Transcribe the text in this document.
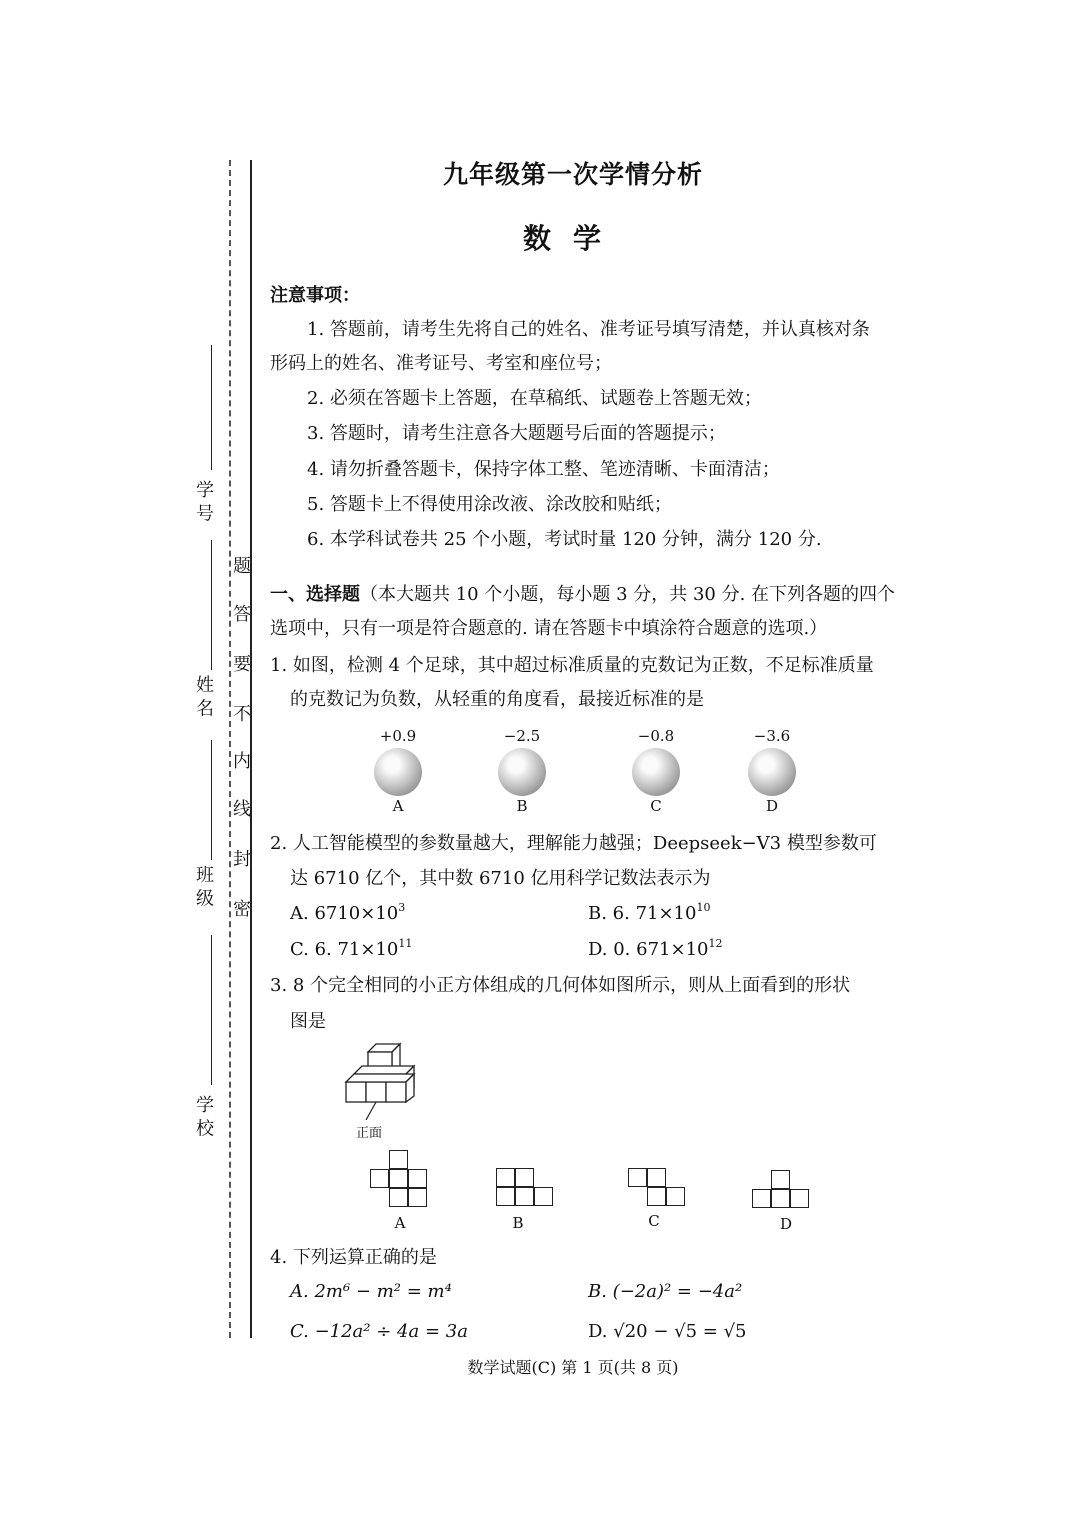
密
封
线
内
不
要
答
题
学 号
姓 名
班 级
学 校
九年级第一次学情分析
数学
注意事项：
1. 答题前，请考生先将自己的姓名、准考证号填写清楚，并认真核对条
形码上的姓名、准考证号、考室和座位号；
2. 必须在答题卡上答题，在草稿纸、试题卷上答题无效；
3. 答题时，请考生注意各大题题号后面的答题提示；
4. 请勿折叠答题卡，保持字体工整、笔迹清晰、卡面清洁；
5. 答题卡上不得使用涂改液、涂改胶和贴纸；
6. 本学科试卷共 25 个小题，考试时量 120 分钟，满分 120 分.
一、选择题（本大题共 10 个小题，每小题 3 分，共 30 分. 在下列各题的四个
选项中，只有一项是符合题意的. 请在答题卡中填涂符合题意的选项.）
1. 如图，检测 4 个足球，其中超过标准质量的克数记为正数，不足标准质量
的克数记为负数，从轻重的角度看，最接近标准的是
+0.9
A
−2.5
B
−0.8
C
−3.6
D
2. 人工智能模型的参数量越大，理解能力越强；Deepseek−V3 模型参数可
达 6710 亿个，其中数 6710 亿用科学记数法表示为
A. $6710\times 10^3$	B. 6. $71\times 10^{10}$
C. 6. $71\times 10^{11}$	D. 0. $671\times 10^{12}$
3. 8 个完全相同的小正方体组成的几何体如图所示，则从上面看到的形状
图是
正面
A	B	C	D
4. 下列运算正确的是
A. 2m⁶ − m² = m⁴	B. (−2a)² = −4a²
C. −12a² ÷ 4a = 3a	D. √20 − √5 = √5
数学试题(C) 第 1 页(共 8 页)
